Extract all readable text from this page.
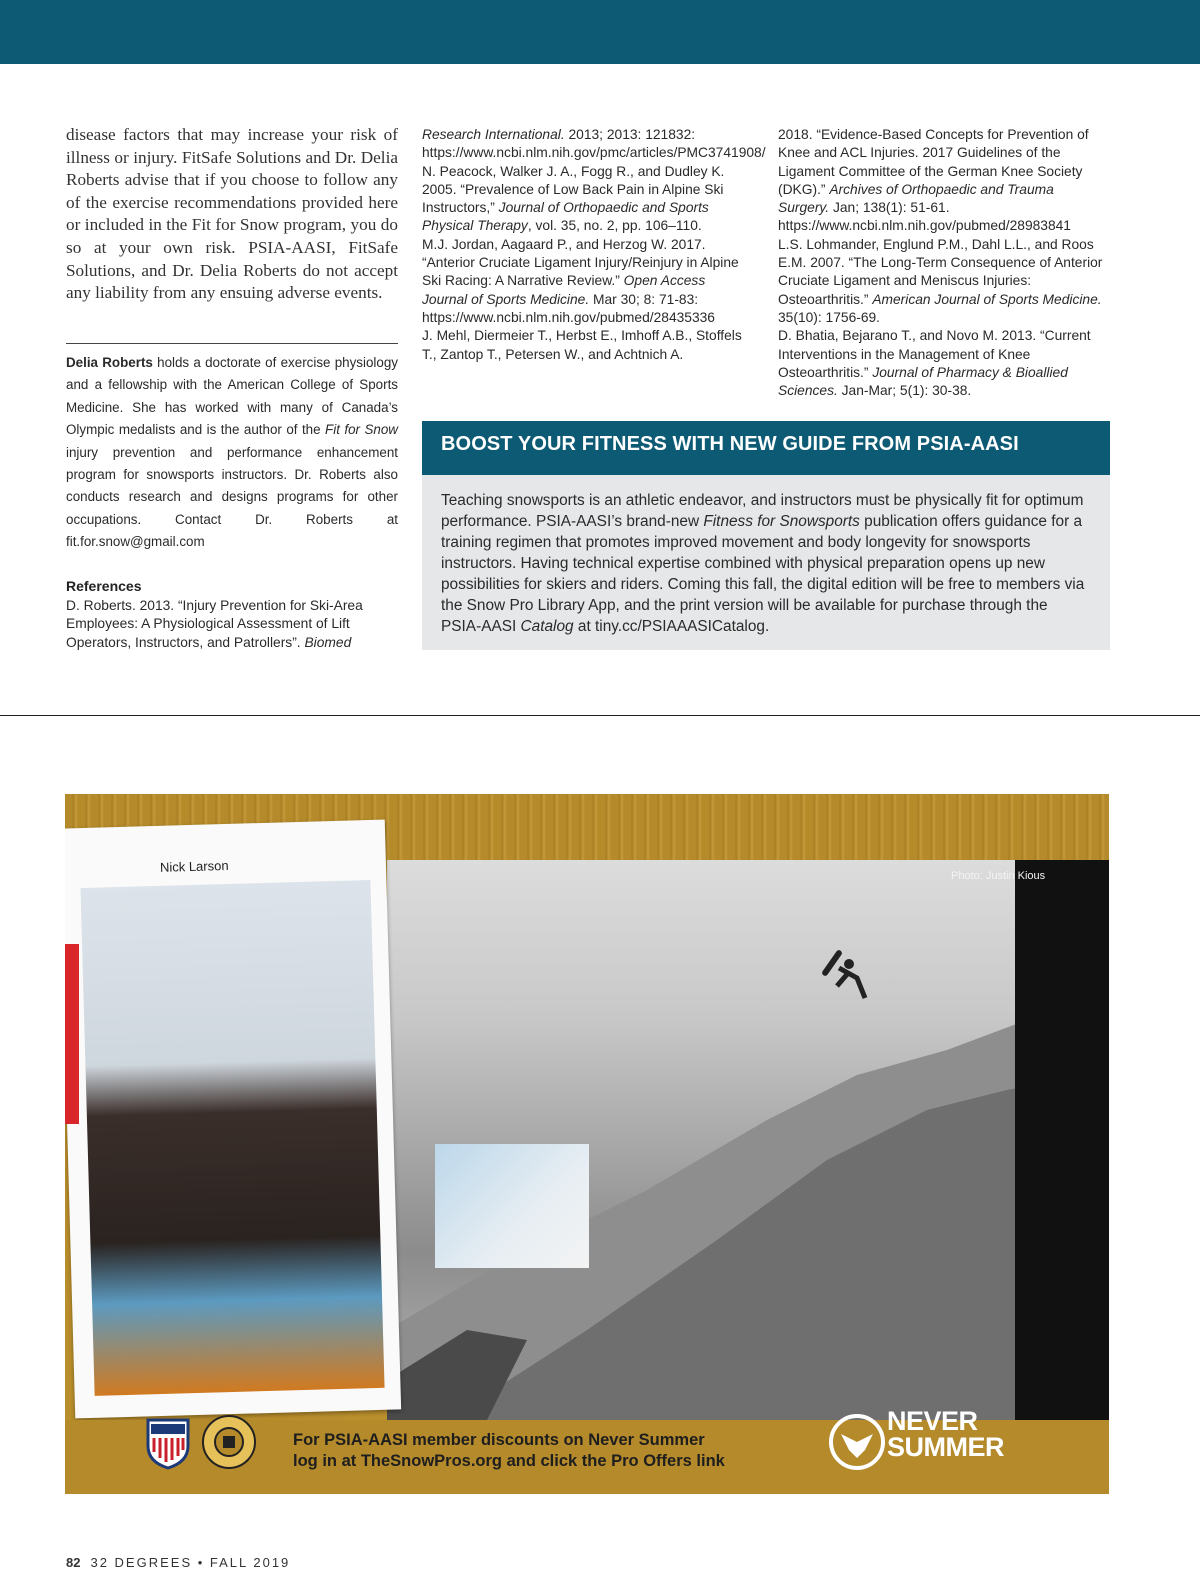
disease factors that may increase your risk of illness or injury. FitSafe Solutions and Dr. Delia Roberts advise that if you choose to follow any of the exercise recommendations provided here or included in the Fit for Snow program, you do so at your own risk. PSIA-AASI, FitSafe Solutions, and Dr. Delia Roberts do not accept any liability from any ensuing adverse events.
Delia Roberts holds a doctorate of exercise physiology and a fellowship with the American College of Sports Medicine. She has worked with many of Canada’s Olympic medalists and is the author of the Fit for Snow injury prevention and performance enhancement program for snowsports instructors. Dr. Roberts also conducts research and designs programs for other occupations. Contact Dr. Roberts at fit.for.snow@gmail.com
References

D. Roberts. 2013. “Injury Prevention for Ski-Area Employees: A Physiological Assessment of Lift Operators, Instructors, and Patrollers”. Biomed

Research International. 2013; 2013: 121832: https://www.ncbi.nlm.nih.gov/pmc/articles/PMC3741908/

N. Peacock, Walker J. A., Fogg R., and Dudley K. 2005. “Prevalence of Low Back Pain in Alpine Ski Instructors,” Journal of Orthopaedic and Sports Physical Therapy, vol. 35, no. 2, pp. 106–110.

M.J. Jordan, Aagaard P., and Herzog W. 2017. “Anterior Cruciate Ligament Injury/Reinjury in Alpine Ski Racing: A Narrative Review.” Open Access Journal of Sports Medicine. Mar 30; 8: 71-83: https://www.ncbi.nlm.nih.gov/pubmed/28435336

J. Mehl, Diermeier T., Herbst E., Imhoff A.B., Stoffels T., Zantop T., Petersen W., and Achtnich A.

2018. “Evidence-Based Concepts for Prevention of Knee and ACL Injuries. 2017 Guidelines of the Ligament Committee of the German Knee Society (DKG).” Archives of Orthopaedic and Trauma Surgery. Jan; 138(1): 51-61. https://www.ncbi.nlm.nih.gov/pubmed/28983841

L.S. Lohmander, Englund P.M., Dahl L.L., and Roos E.M. 2007. “The Long-Term Consequence of Anterior Cruciate Ligament and Meniscus Injuries: Osteoarthritis.” American Journal of Sports Medicine. 35(10): 1756-69.

D. Bhatia, Bejarano T., and Novo M. 2013. “Current Interventions in the Management of Knee Osteoarthritis.” Journal of Pharmacy & Bioallied Sciences. Jan-Mar; 5(1): 30-38.

BOOST YOUR FITNESS WITH NEW GUIDE FROM PSIA-AASI
Teaching snowsports is an athletic endeavor, and instructors must be physically fit for optimum performance. PSIA-AASI’s brand-new Fitness for Snowsports publication offers guidance for a training regimen that promotes improved movement and body longevity for snowsports instructors. Having technical expertise combined with physical preparation opens up new possibilities for skiers and riders. Coming this fall, the digital edition will be free to members via the Snow Pro Library App, and the print version will be available for purchase through the PSIA-AASI Catalog at tiny.cc/PSIAAASICatalog.
Nick Larson
Photo: Justin Kious
For PSIA-AASI member discounts on Never Summer
log in at TheSnowPros.org and click the Pro Offers link
NEVER
SUMMER
82 32 DEGREES • FALL 2019
